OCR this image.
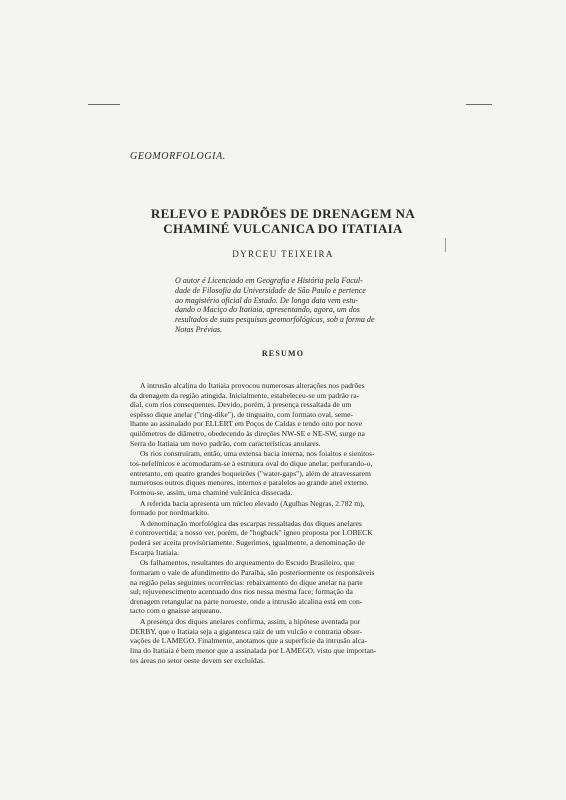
GEOMORFOLOGIA.
RELEVO E PADRÕES DE DRENAGEM NA
CHAMINÉ VULCANICA DO ITATIAIA
DYRCEU TEIXEIRA
O autor é Licenciado em Geografia e História pela Facul-
dade de Filosofia da Universidade de São Paulo e pertence
ao magistério oficial do Estado. De longa data vem estu-
dando o Maciço do Itatiaia, apresentando, agora, um dos
resultados de suas pesquisas geomorfológicas, sob a forma de
Notas Prévias.
RESUMO

A intrusão alcalina do Itatiaia provocou numerosas alterações nos padrões
da drenagem da região atingida. Inicialmente, estabeleceu-se um padrão ra-
dial, com rios consequentes. Devido, porém, à presença ressaltada de um
espêsso dique anelar ("ring-dike"), de tinguaito, com formato oval, seme-
lhante ao assinalado por ELLERT em Poços de Caldas e tendo oito por nove
quilômetros de diâmetro, obedecendo às direções NW-SE e NE-SW, surge na
Serra do Itatiaia um novo padrão, com características anulares.

Os rios construíram, então, uma extensa bacia interna, nos foiaitos e sienitos-
tos-nefelínicos e acomodaram-se à estrutura oval do dique anelar, perfurando-o,
entretanto, em quatro grandes boqueirões ("water-gaps"), além de atravessarem
numerosos outros diques menores, internos e paralelos ao grande anel externo.
Formou-se, assim, uma chaminé vulcânica dissecada.

A referida bacia apresenta um núcleo elevado (Agulhas Negras, 2.782 m),
formado por nordmarkito.

A denominação morfológica das escarpas ressaltadas dos diques anelares
é controvertida; a nosso ver, porém, de "hogback" ígneo proposta por LOBECK
poderá ser aceita provisòriamente. Sugerimos, igualmente, a denominação de
Escarpa Itatiaia.

Os falhamentos, resultantes do arqueamento do Escudo Brasileiro, que
formaram o vale de afundimento do Paraíba, são posteriormente os responsáveis
na região pelas seguintes ocorrências: rebaixamento do dique anelar na parte
sul; rejuvenescimento acentuado dos rios nessa mesma face; formação da
drenagem retangular na parte noroeste, onde a intrusão alcalina está em con-
tacto com o gnaisse arqueano.

A presença dos diques anelares confirma, assim, a hipótese aventada por
DERBY, que o Itatiaia seja a gigantesca raiz de um vulcão e contraria obser-
vações de LAMEGO. Finalmente, anotamos que a superfície da intrusão alca-
lina do Itatiaia é bem menor que a assinalada por LAMEGO, visto que importan-
tes áreas no setor oeste devem ser excluídas.
